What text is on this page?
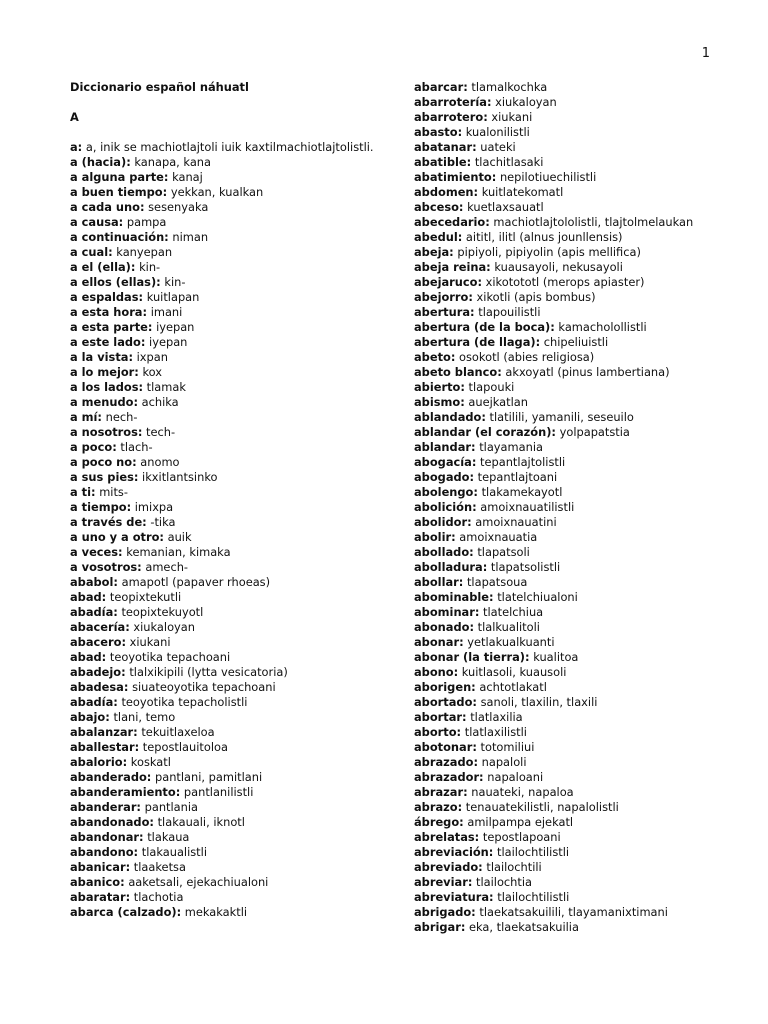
1
Diccionario español náhuatl
A
a: a, inik se machiotlajtoli iuik kaxtilmachiotlajtolistli.
a (hacia): kanapa, kana
a alguna parte: kanaj
a buen tiempo: yekkan, kualkan
a cada uno: sesenyaka
a causa: pampa
a continuación: niman
a cual: kanyepan
a el (ella): kin-
a ellos (ellas): kin-
a espaldas: kuitlapan
a esta hora: imani
a esta parte: iyepan
a este lado: iyepan
a la vista: ixpan
a lo mejor: kox
a los lados: tlamak
a menudo: achika
a mí: nech-
a nosotros: tech-
a poco: tlach-
a poco no: anomo
a sus pies: ikxitlantsinko
a ti: mits-
a tiempo: imixpa
a través de: -tika
a uno y a otro: auik
a veces: kemanian, kimaka
a vosotros: amech-
ababol: amapotl (papaver rhoeas)
abad: teopixtekutli
abadía: teopixtekuyotl
abacería: xiukaloyan
abacero: xiukani
abad: teoyotika tepachoani
abadejo: tlalxikipili (lytta vesicatoria)
abadesa: siuateoyotika tepachoani
abadía: teoyotika tepacholistli
abajo: tlani, temo
abalanzar: tekuitlaxeloa
aballestar: tepostlauitoloa
abalorio: koskatl
abanderado: pantlani, pamitlani
abanderamiento: pantlanilistli
abanderar: pantlania
abandonado: tlakauali, iknotl
abandonar: tlakaua
abandono: tlakaualistli
abanicar: tlaaketsa
abanico: aaketsali, ejekachiualoni
abaratar: tlachotia
abarca (calzado): mekakaktli
abarcar: tlamalkochka
abarrotería: xiukaloyan
abarrotero: xiukani
abasto: kualonilistli
abatanar: uateki
abatible: tlachitlasaki
abatimiento: nepilotiuechilistli
abdomen: kuitlatekomatl
abceso: kuetlaxsauatl
abecedario: machiotlajtololistli, tlajtolmelaukan
abedul: aititl, ilitl (alnus jounllensis)
abeja: pipiyoli, pipiyolin (apis mellifica)
abeja reina: kuausayoli, nekusayoli
abejaruco: xikotototl (merops apiaster)
abejorro: xikotli (apis bombus)
abertura: tlapouilistli
abertura (de la boca): kamacholollistli
abertura (de llaga): chipeliuistli
abeto: osokotl (abies religiosa)
abeto blanco: akxoyatl (pinus lambertiana)
abierto: tlapouki
abismo: auejkatlan
ablandado: tlatilili, yamanili, seseuilo
ablandar (el corazón): yolpapatstia
ablandar: tlayamania
abogacía: tepantlajtolistli
abogado: tepantlajtoani
abolengo: tlakamekayotl
abolición: amoixnauatilistli
abolidor: amoixnauatini
abolir: amoixnauatia
abollado: tlapatsoli
abolladura: tlapatsolistli
abollar: tlapatsoua
abominable: tlatelchiualoni
abominar: tlatelchiua
abonado: tlalkualitoli
abonar: yetlakualkuanti
abonar (la tierra): kualitoa
abono: kuitlasoli, kuausoli
aborigen: achtotlakatl
abortado: sanoli, tlaxilin, tlaxili
abortar: tlatlaxilia
aborto: tlatlaxilistli
abotonar: totomiliui
abrazado: napaloli
abrazador: napaloani
abrazar: nauateki, napaloa
abrazo: tenauatekilistli, napalolistli
ábrego: amilpampa ejekatl
abrelatas: tepostlapoani
abreviación: tlailochtilistli
abreviado: tlailochtili
abreviar: tlailochtia
abreviatura: tlailochtilistli
abrigado: tlaekatsakuilili, tlayamanixtimani
abrigar: eka, tlaekatsakuilia
